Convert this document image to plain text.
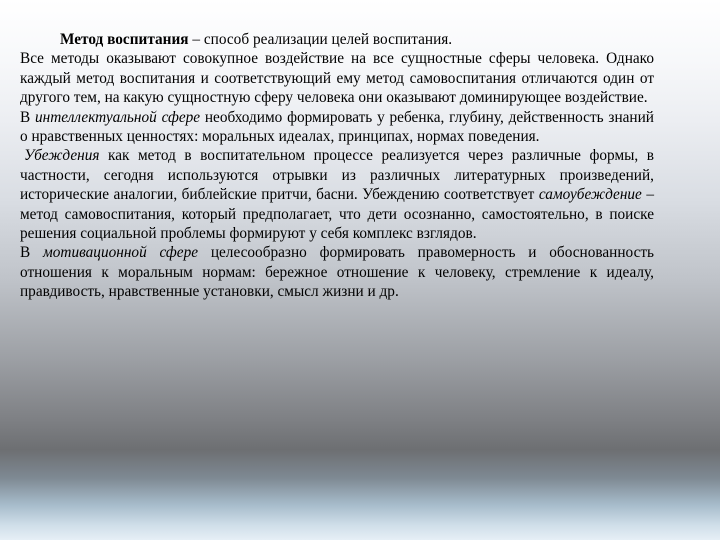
Метод воспитания – способ реализации целей воспитания.

Все методы оказывают совокупное воздействие на все сущностные сферы человека. Однако каждый метод воспитания и соответствующий ему метод самовоспитания отличаются один от другого тем, на какую сущностную сферу человека они оказывают доминирующее воздействие.

В интеллектуальной сфере необходимо формировать у ребенка, глубину, действенность знаний о нравственных ценностях: моральных идеалах, принципах, нормах поведения.

Убеждения как метод в воспитательном процессе реализуется через различные формы, в частности, сегодня используются отрывки из различных литературных произведений, исторические аналогии, библейские притчи, басни. Убеждению соответствует самоубеждение – метод самовоспитания, который предполагает, что дети осознанно, самостоятельно, в поиске решения социальной проблемы формируют у себя комплекс взглядов.

В мотивационной сфере целесообразно формировать правомерность и обоснованность отношения к моральным нормам: бережное отношение к человеку, стремление к идеалу, правдивость, нравственные установки, смысл жизни и др.
